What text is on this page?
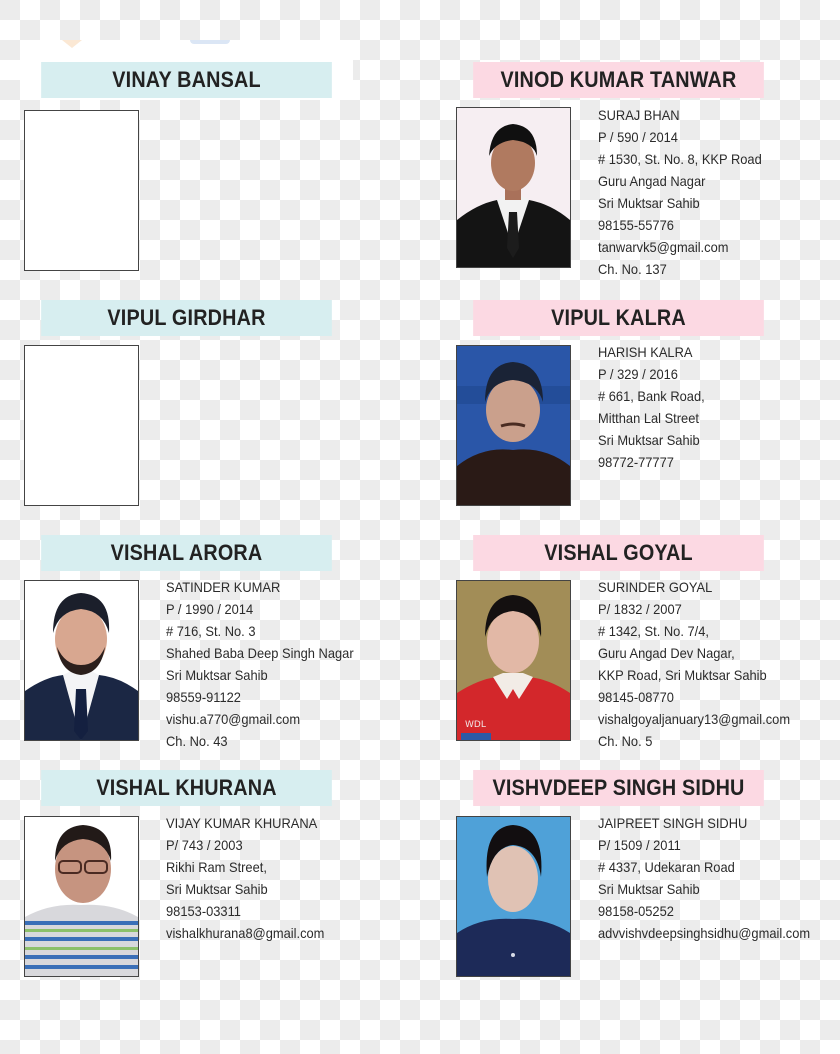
VINAY BANSAL	VINOD KUMAR TANWAR
SURAJ BHAN
P / 590 / 2014
# 1530, St. No. 8, KKP Road
Guru Angad Nagar
Sri Muktsar Sahib
98155-55776
tanwarvk5@gmail.com
Ch. No. 137
VIPUL GIRDHAR	VIPUL KALRA
HARISH KALRA
P / 329 / 2016
# 661, Bank Road,
Mitthan Lal Street
Sri Muktsar Sahib
98772-77777
VISHAL ARORA
SATINDER KUMAR
P / 1990 / 2014
# 716, St. No. 3
Shahed Baba Deep Singh Nagar
Sri Muktsar Sahib
98559-91122
vishu.a770@gmail.com
Ch. No. 43
VISHAL GOYAL
WDL
SURINDER GOYAL
P/ 1832 / 2007
# 1342, St. No. 7/4,
Guru Angad Dev Nagar,
KKP Road, Sri Muktsar Sahib
98145-08770
vishalgoyaljanuary13@gmail.com
Ch. No. 5
VISHAL KHURANA
VIJAY KUMAR KHURANA
P/ 743 / 2003
Rikhi Ram Street,
Sri Muktsar Sahib
98153-03311
vishalkhurana8@gmail.com
VISHVDEEP SINGH SIDHU
JAIPREET SINGH SIDHU
P/ 1509 / 2011
# 4337, Udekaran Road
Sri Muktsar Sahib
98158-05252
advvishvdeepsinghsidhu@gmail.com
